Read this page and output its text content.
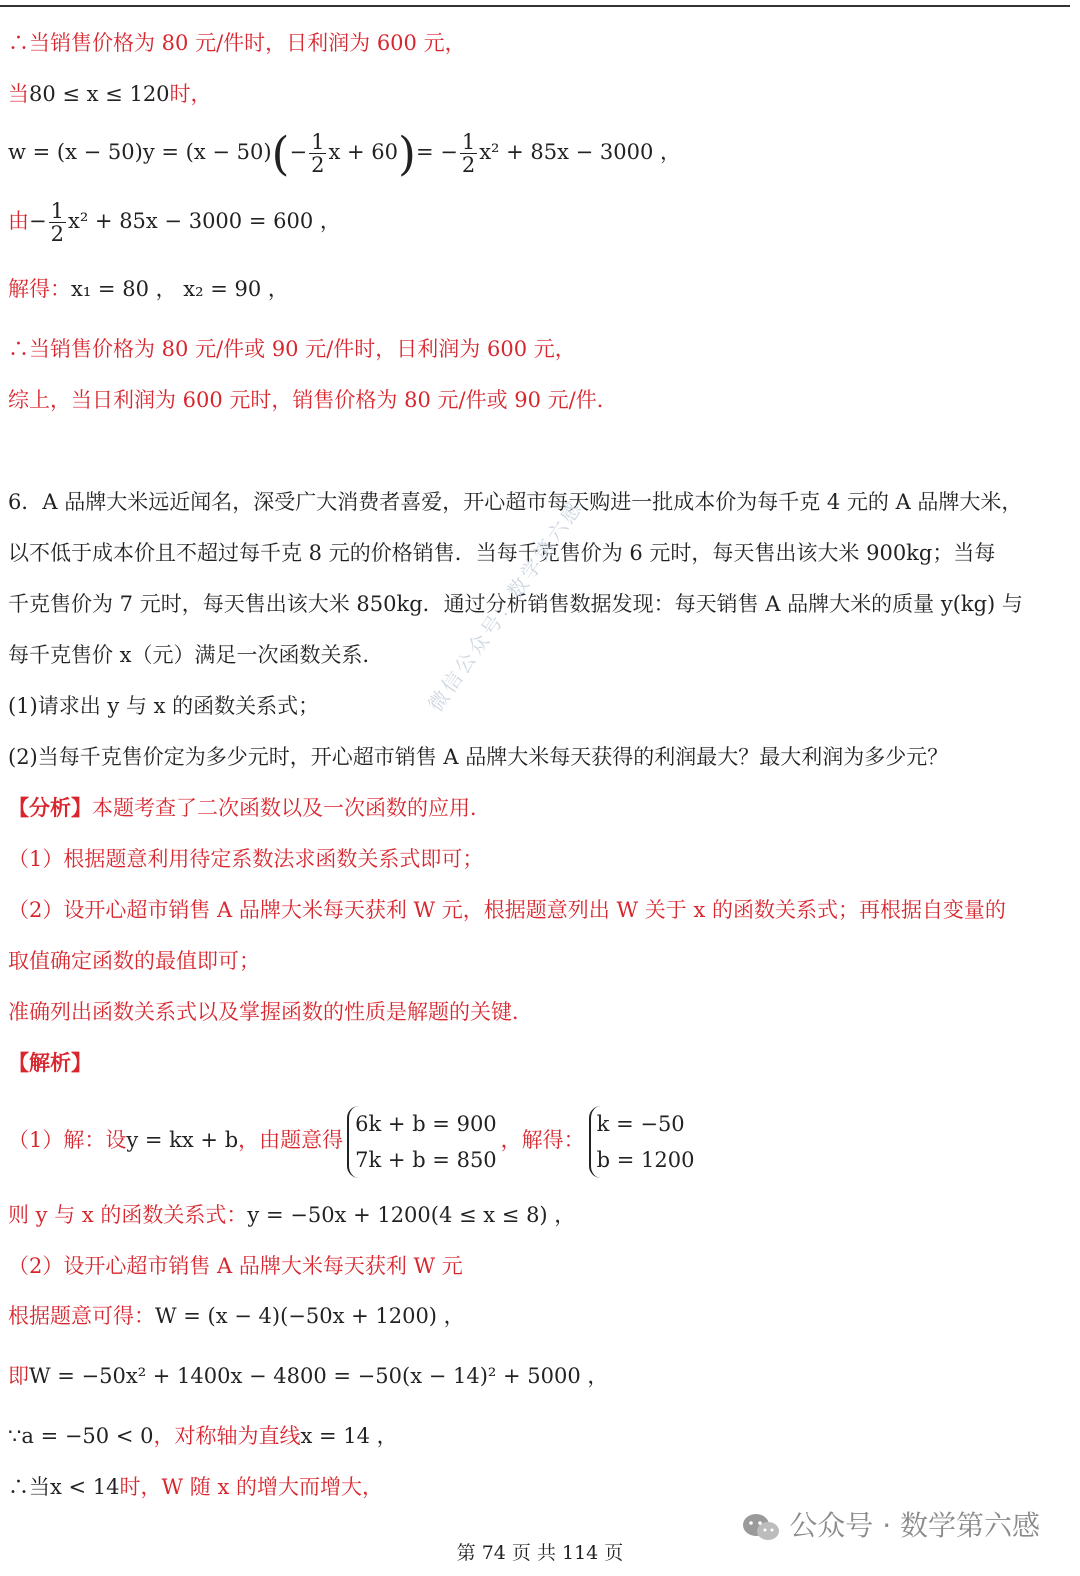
∴当销售价格为 80 元/件时，日利润为 600 元，
当80 ≤ x ≤ 120时，
$w = (x - 50)y = (x - 50)(- \frac{1}{2}$ $x + 60)= - \frac{1}{2} x^2 + 85x - 3000$ ，
由− $\frac{1}{2} x^2 + 85x - 3000 = 600$ ，
解得：x₁ = 80 ， x₂ = 90 ，
∴当销售价格为 80 元/件或 90 元/件时，日利润为 600 元，
综上，当日利润为 600 元时，销售价格为 80 元/件或 90 元/件．
6．A 品牌大米远近闻名，深受广大消费者喜爱，开心超市每天购进一批成本价为每千克 4 元的 A 品牌大米，
以不低于成本价且不超过每千克 8 元的价格销售．当每千克售价为 6 元时，每天售出该大米 900kg；当每
千克售价为 7 元时，每天售出该大米 850kg．通过分析销售数据发现：每天销售 A 品牌大米的质量 y(kg) 与
每千克售价 x（元）满足一次函数关系．
(1)请求出 y 与 x 的函数关系式；
(2)当每千克售价定为多少元时，开心超市销售 A 品牌大米每天获得的利润最大？最大利润为多少元？
【分析】本题考查了二次函数以及一次函数的应用．
（1）根据题意利用待定系数法求函数关系式即可；
（2）设开心超市销售 A 品牌大米每天获利 W 元，根据题意列出 W 关于 x 的函数关系式；再根据自变量的
取值确定函数的最值即可；
准确列出函数关系式以及掌握函数的性质是解题的关键．
【解析】
（1）解：设y = kx + b，由题意得
6k + b = 900
7k + b = 850
，解得：
k = −50
b = 1200
则 y 与 x 的函数关系式：y = −50x + 1200(4 ≤ x ≤ 8) ，
（2）设开心超市销售 A 品牌大米每天获利 W 元
根据题意可得：W = (x − 4)(−50x + 1200) ，
即W = −50x² + 1400x − 4800 = −50(x − 14)² + 5000 ，
∵a = −50 < 0，对称轴为直线x = 14 ，
∴当x < 14时，W 随 x 的增大而增大，
微信公众号：数学第六感
公众号 · 数学第六感
第 74 页 共 114 页
